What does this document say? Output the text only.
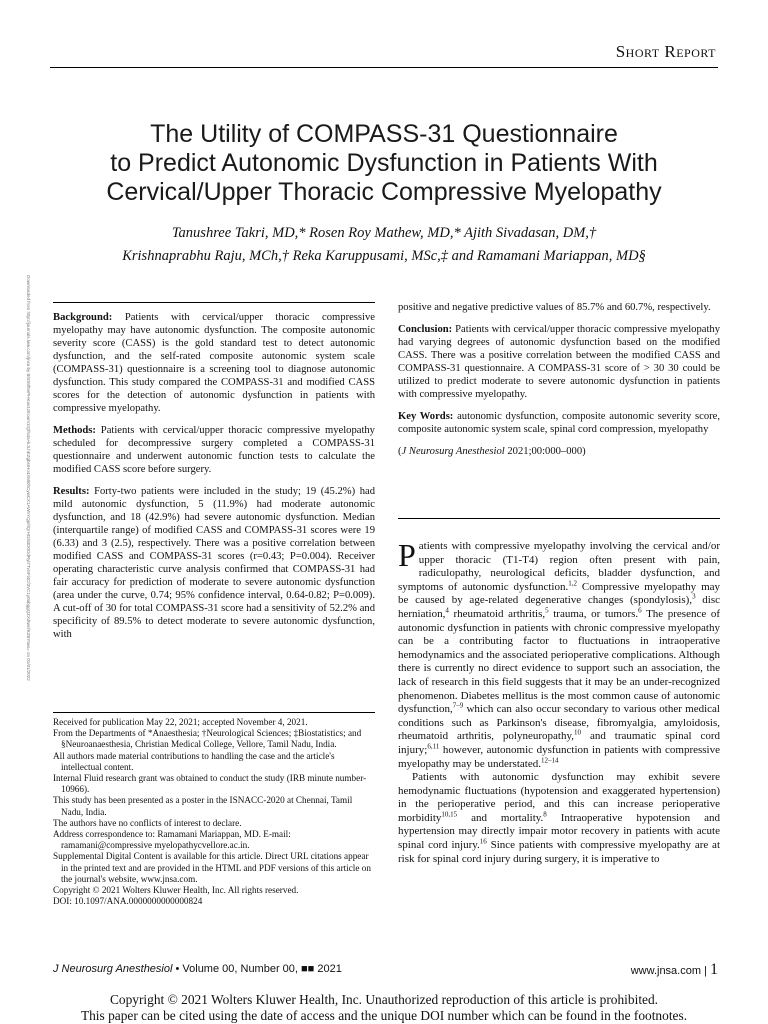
Short Report
The Utility of COMPASS-31 Questionnaire
to Predict Autonomic Dysfunction in Patients With
Cervical/Upper Thoracic Compressive Myelopathy
Tanushree Takri, MD,* Rosen Roy Mathew, MD,* Ajith Sivadasan, DM,†
Krishnaprabhu Raju, MCh,† Reka Karuppusami, MSc,‡ and Ramamani Mariappan, MD§
Downloaded from http://journals.lww.com/jnsa by BhDMf5ePHKav1zEoum1tQfN4a+kJLhEZgbsIHo4XMi0hCywCX1AWnYQp/IlQrHD3i3D0OdRyi7TvSFl4Cf3VC1y0abggQZXdtwnfKZBYtws= on 01/01/2022 Background: Patients with cervical/upper thoracic compressive myelopathy may have autonomic dysfunction. The composite autonomic severity score (CASS) is the gold standard test to detect autonomic dysfunction, and the self-rated composite autonomic system scale (COMPASS-31) questionnaire is a screening tool to diagnose autonomic dysfunction. This study compared the COMPASS-31 and modified CASS scores for the detection of autonomic dysfunction in patients with compressive myelopathy.

Methods: Patients with cervical/upper thoracic compressive myelopathy scheduled for decompressive surgery completed a COMPASS-31 questionnaire and underwent autonomic function tests to calculate the modified CASS score before surgery.

Results: Forty-two patients were included in the study; 19 (45.2%) had mild autonomic dysfunction, 5 (11.9%) had moderate autonomic dysfunction, and 18 (42.9%) had severe autonomic dysfunction. Median (interquartile range) of modified CASS and COMPASS-31 scores were 19 (6.33) and 3 (2.5), respectively. There was a positive correlation between modified CASS and COMPASS-31 scores (r=0.43; P=0.004). Receiver operating characteristic curve analysis confirmed that COMPASS-31 had fair accuracy for prediction of moderate to severe autonomic dysfunction (area under the curve, 0.74; 95% confidence interval, 0.64-0.82; P=0.009). A cut-off of 30 for total COMPASS-31 score had a sensitivity of 52.2% and specificity of 89.5% to detect moderate to severe autonomic dysfunction, with

positive and negative predictive values of 85.7% and 60.7%, respectively.

Conclusion: Patients with cervical/upper thoracic compressive myelopathy had varying degrees of autonomic dysfunction based on the modified CASS. There was a positive correlation between the modified CASS and COMPASS-31 questionnaire. A COMPASS-31 score of > 30 30 could be utilized to predict moderate to severe autonomic dysfunction in patients with compressive myelopathy.

Key Words: autonomic dysfunction, composite autonomic severity score, composite autonomic system scale, spinal cord compression, myelopathy

(J Neurosurg Anesthesiol 2021;00:000–000)

Received for publication May 22, 2021; accepted November 4, 2021.

From the Departments of *Anaesthesia; †Neurological Sciences; ‡Biostatistics; and §Neuroanaesthesia, Christian Medical College, Vellore, Tamil Nadu, India.

All authors made material contributions to handling the case and the article's intellectual content.

Internal Fluid research grant was obtained to conduct the study (IRB minute number-10966).

This study has been presented as a poster in the ISNACC-2020 at Chennai, Tamil Nadu, India.

The authors have no conflicts of interest to declare.

Address correspondence to: Ramamani Mariappan, MD. E-mail: ramamani@compressive myelopathycvellore.ac.in.

Supplemental Digital Content is available for this article. Direct URL citations appear in the printed text and are provided in the HTML and PDF versions of this article on the journal's website, www.jnsa.com.

Copyright © 2021 Wolters Kluwer Health, Inc. All rights reserved.

DOI: 10.1097/ANA.0000000000000824

Patients with compressive myelopathy involving the cervical and/or upper thoracic (T1-T4) region often present with pain, radiculopathy, neurological deficits, bladder dysfunction, and symptoms of autonomic dysfunction.$^{1,2}$ Compressive myelopathy may be caused by age-related degenerative changes (spondylosis),$^3$ disc herniation,$^4$ rheumatoid arthritis,$^5$ trauma, or tumors.$^6$ The presence of autonomic dysfunction in patients with chronic compressive myelopathy can be a contributing factor to fluctuations in intraoperative hemodynamics and the associated perioperative complications. Although there is currently no direct evidence to support such an association, the lack of research in this field suggests that it may be an under-recognized phenomenon. Diabetes mellitus is the most common cause of autonomic dysfunction,$^{7-9}$ which can also occur secondary to various other medical conditions such as Parkinson's disease, fibromyalgia, amyloidosis, rheumatoid arthritis, polyneuropathy,$^{10}$ and traumatic spinal cord injury;$^{6,11}$ however, autonomic dysfunction in patients with compressive myelopathy may be understated.$^{12-14}$

Patients with autonomic dysfunction may exhibit severe hemodynamic fluctuations (hypotension and exaggerated hypertension) in the perioperative period, and this can increase perioperative morbidity$^{10,15}$ and mortality.$^8$ Intraoperative hypotension and hypertension may directly impair motor recovery in patients with acute spinal cord injury.$^{16}$ Since patients with compressive myelopathy are at risk for spinal cord injury during surgery, it is imperative to

J Neurosurg Anesthesiol • Volume 00, Number 00, ■■ 2021	www.jnsa.com | 1
Copyright © 2021 Wolters Kluwer Health, Inc. Unauthorized reproduction of this article is prohibited.
This paper can be cited using the date of access and the unique DOI number which can be found in the footnotes.
